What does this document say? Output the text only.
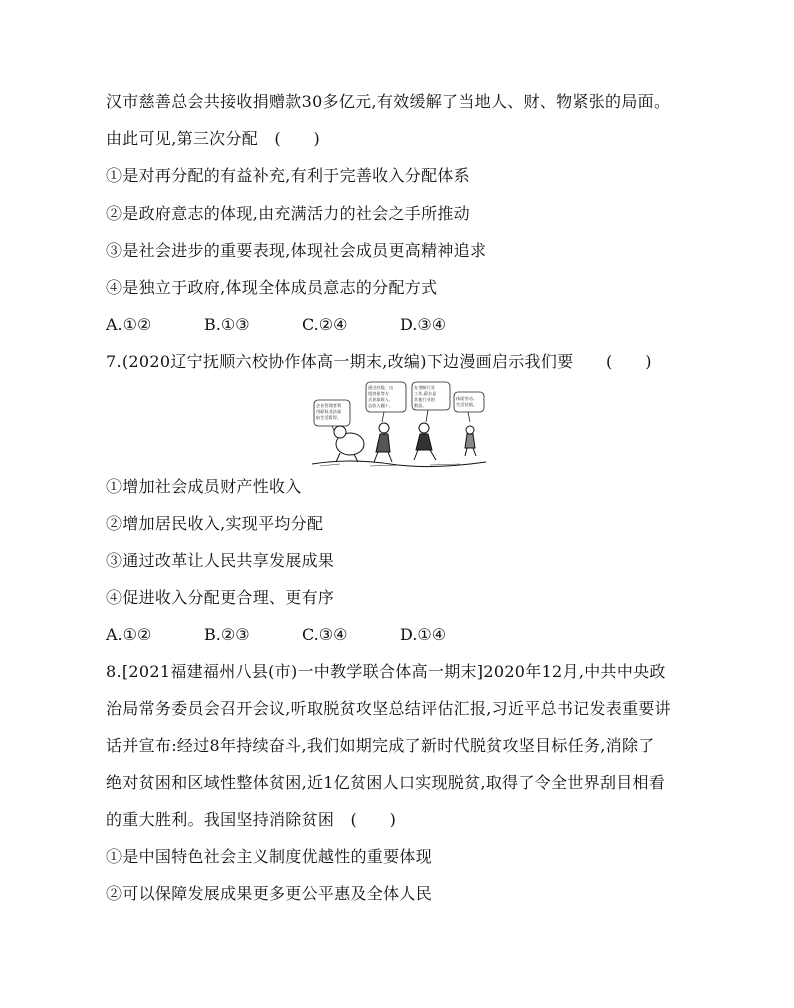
汉市慈善总会共接收捐赠款30多亿元,有效缓解了当地人、财、物紧张的局面。
由此可见,第三次分配　(　　)
①是对再分配的有益补充,有利于完善收入分配体系
②是政府意志的体现,由充满活力的社会之手所推动
③是社会进步的重要表现,体现社会成员更高精神追求
④是独立于政府,体现全体成员意志的分配方式
A.①②	B.①③	C.②④	D.③④
7.(2020辽宁抚顺六校协作体高一期末,改编)下边漫画启示我们要　　(　　)
企业管理者利
用职权非法谋
取生活暂得。
通过炒股、出
租房屋等方
式获取收入,
总收入翻十。
在垄断行业
工作,薪水是
其他行业的
数倍。
体面劳动,
生活拮据。
①增加社会成员财产性收入
②增加居民收入,实现平均分配
③通过改革让人民共享发展成果
④促进收入分配更合理、更有序
A.①②	B.②③	C.③④	D.①④
8.[2021福建福州八县(市)一中教学联合体高一期末]2020年12月,中共中央政
治局常务委员会召开会议,听取脱贫攻坚总结评估汇报,习近平总书记发表重要讲
话并宣布:经过8年持续奋斗,我们如期完成了新时代脱贫攻坚目标任务,消除了
绝对贫困和区域性整体贫困,近1亿贫困人口实现脱贫,取得了令全世界刮目相看
的重大胜利。我国坚持消除贫困　(　　)
①是中国特色社会主义制度优越性的重要体现
②可以保障发展成果更多更公平惠及全体人民
